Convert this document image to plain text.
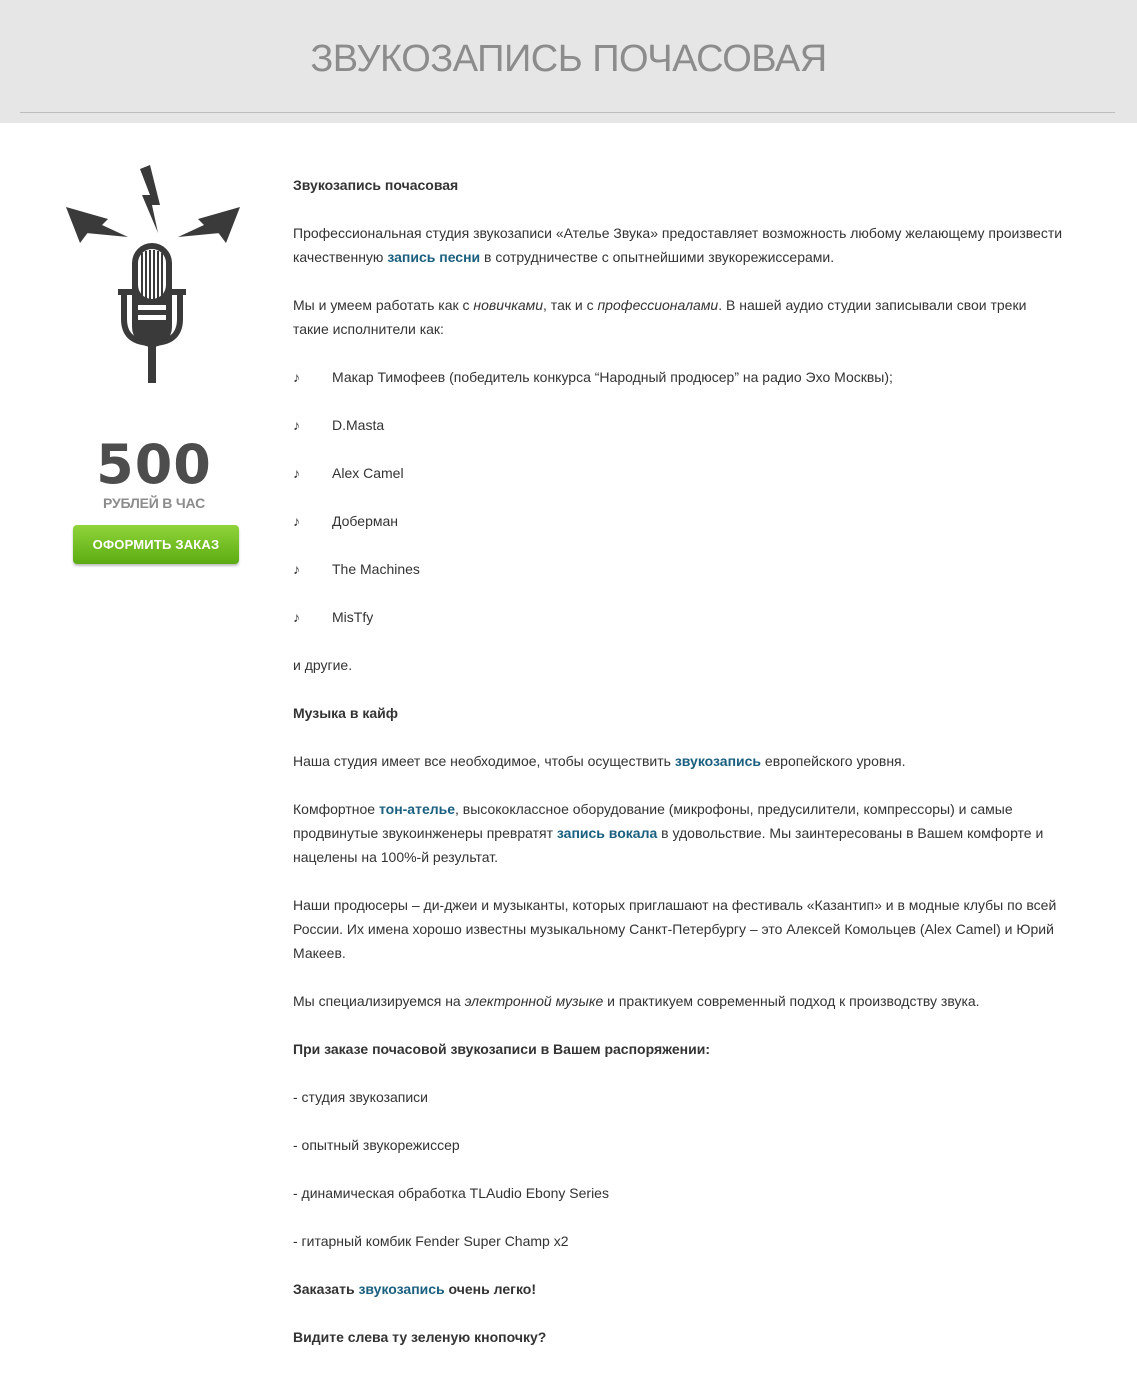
ЗВУКОЗАПИСЬ ПОЧАСОВАЯ
500
РУБЛЕЙ В ЧАС
ОФОРМИТЬ ЗАКАЗ

Звукозапись почасовая

Профессиональная студия звукозаписи «Ателье Звука» предоставляет возможность любому желающему произвести качественную запись песни в сотрудничестве с опытнейшими звукорежиссерами.

Мы и умеем работать как с новичками, так и с профессионалами. В нашей аудио студии записывали свои треки такие исполнители как:

♪	Макар Тимофеев (победитель конкурса “Народный продюсер” на радио Эхо Москвы);
♪	D.Masta
♪	Alex Camel
♪	Доберман
♪	The Machines
♪	MisTfy

и другие.

Музыка в кайф

Наша студия имеет все необходимое, чтобы осуществить звукозапись европейского уровня.

Комфортное тон-ателье, высококлассное оборудование (микрофоны, предусилители, компрессоры) и самые продвинутые звукоинженеры превратят запись вокала в удовольствие. Мы заинтересованы в Вашем комфорте и нацелены на 100%-й результат.

Наши продюсеры – ди-джеи и музыканты, которых приглашают на фестиваль «Казантип» и в модные клубы по всей России. Их имена хорошо известны музыкальному Санкт-Петербургу – это Алексей Комольцев (Alex Camel) и Юрий Макеев.

Мы специализируемся на электронной музыке и практикуем современный подход к производству звука.

При заказе почасовой звукозаписи в Вашем распоряжении:

- студия звукозаписи

- опытный звукорежиссер

- динамическая обработка TLAudio Ebony Series

- гитарный комбик Fender Super Champ x2

Заказать звукозапись очень легко!

Видите слева ту зеленую кнопочку?
